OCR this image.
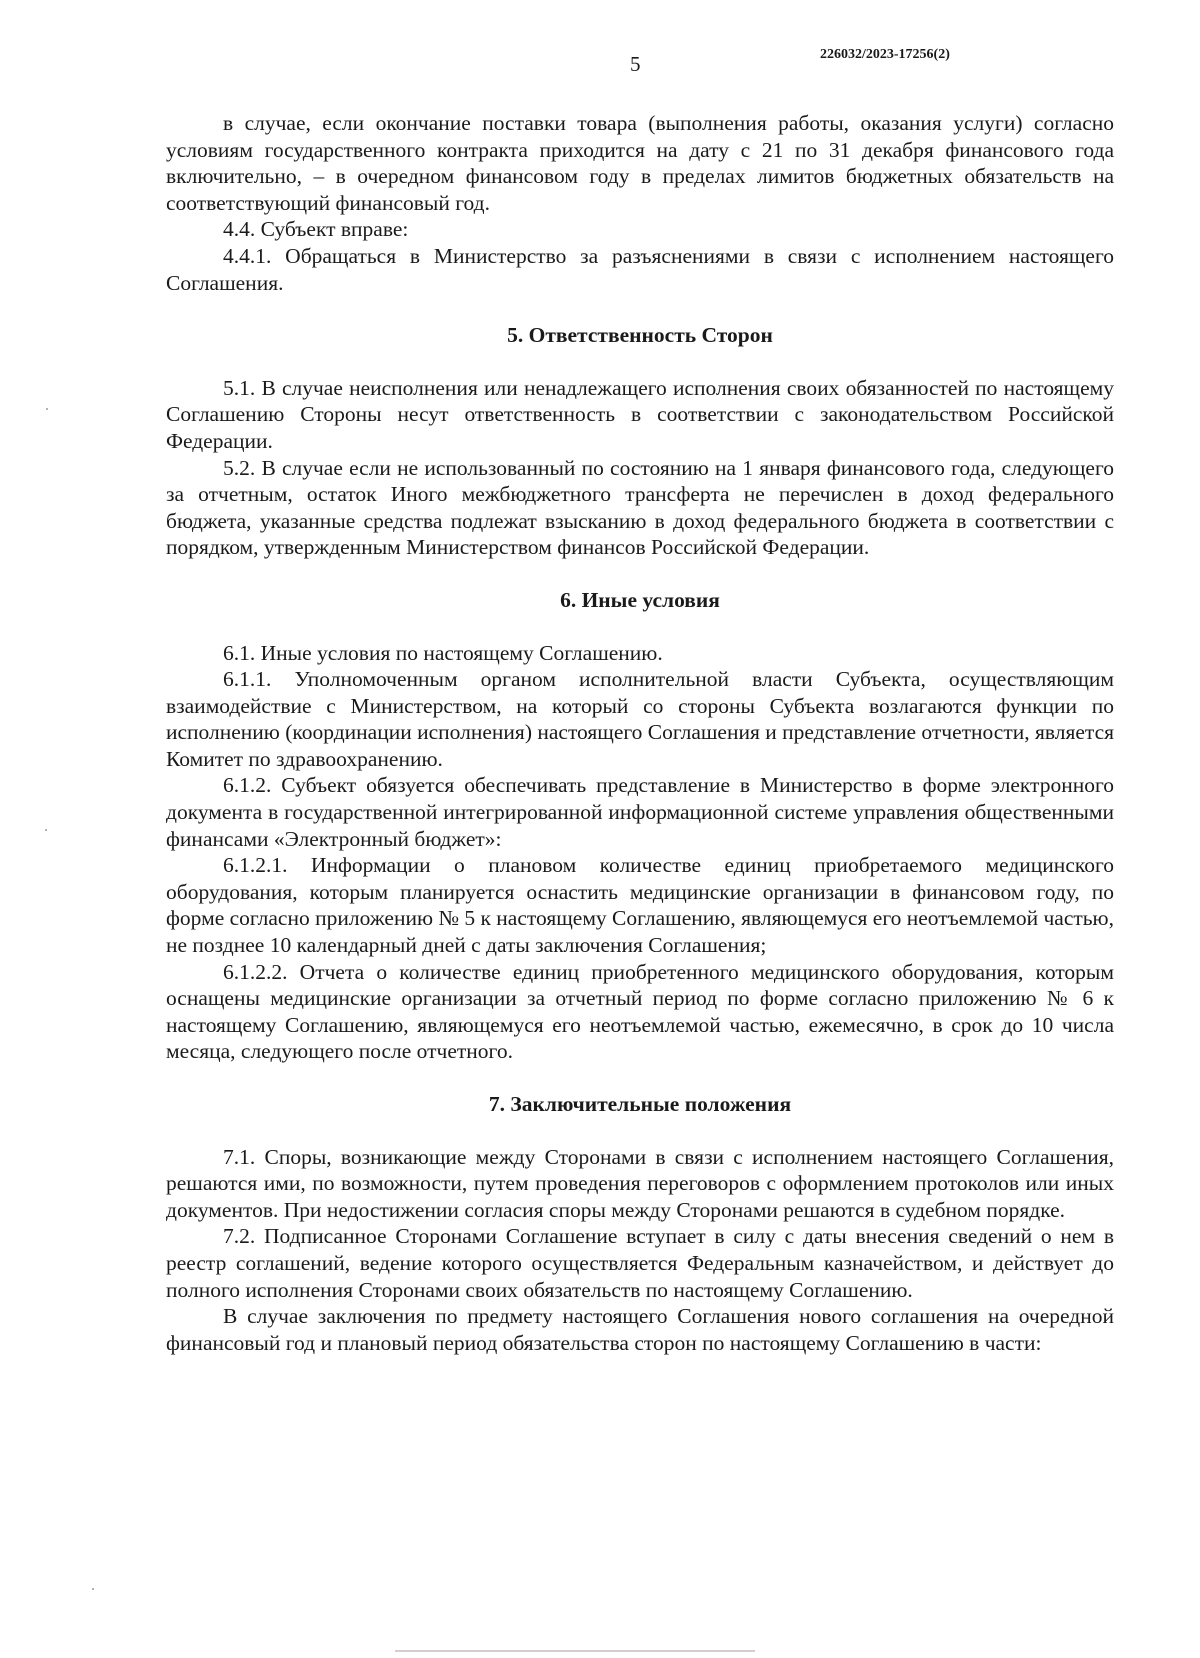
5	226032/2023-17256(2)

в случае, если окончание поставки товара (выполнения работы, оказания услуги) согласно условиям государственного контракта приходится на дату с 21 по 31 декабря финансового года включительно, – в очередном финансовом году в пределах лимитов бюджетных обязательств на соответствующий финансовый год.

4.4. Субъект вправе:

4.4.1. Обращаться в Министерство за разъяснениями в связи с исполнением настоящего Соглашения.

5. Ответственность Сторон

5.1. В случае неисполнения или ненадлежащего исполнения своих обязанностей по настоящему Соглашению Стороны несут ответственность в соответствии с законодательством Российской Федерации.

5.2. В случае если не использованный по состоянию на 1 января финансового года, следующего за отчетным, остаток Иного межбюджетного трансферта не перечислен в доход федерального бюджета, указанные средства подлежат взысканию в доход федерального бюджета в соответствии с порядком, утвержденным Министерством финансов Российской Федерации.

6. Иные условия

6.1. Иные условия по настоящему Соглашению.

6.1.1. Уполномоченным органом исполнительной власти Субъекта, осуществляющим взаимодействие с Министерством, на который со стороны Субъекта возлагаются функции по исполнению (координации исполнения) настоящего Соглашения и представление отчетности, является Комитет по здравоохранению.

6.1.2. Субъект обязуется обеспечивать представление в Министерство в форме электронного документа в государственной интегрированной информационной системе управления общественными финансами «Электронный бюджет»:

6.1.2.1. Информации о плановом количестве единиц приобретаемого медицинского оборудования, которым планируется оснастить медицинские организации в финансовом году, по форме согласно приложению № 5 к настоящему Соглашению, являющемуся его неотъемлемой частью, не позднее 10 календарный дней с даты заключения Соглашения;

6.1.2.2. Отчета о количестве единиц приобретенного медицинского оборудования, которым оснащены медицинские организации за отчетный период по форме согласно приложению № 6 к настоящему Соглашению, являющемуся его неотъемлемой частью, ежемесячно, в срок до 10 числа месяца, следующего после отчетного.

7. Заключительные положения

7.1. Споры, возникающие между Сторонами в связи с исполнением настоящего Соглашения, решаются ими, по возможности, путем проведения переговоров с оформлением протоколов или иных документов. При недостижении согласия споры между Сторонами решаются в судебном порядке.

7.2. Подписанное Сторонами Соглашение вступает в силу с даты внесения сведений о нем в реестр соглашений, ведение которого осуществляется Федеральным казначейством, и действует до полного исполнения Сторонами своих обязательств по настоящему Соглашению.

В случае заключения по предмету настоящего Соглашения нового соглашения на очередной финансовый год и плановый период обязательства сторон по настоящему Соглашению в части:
